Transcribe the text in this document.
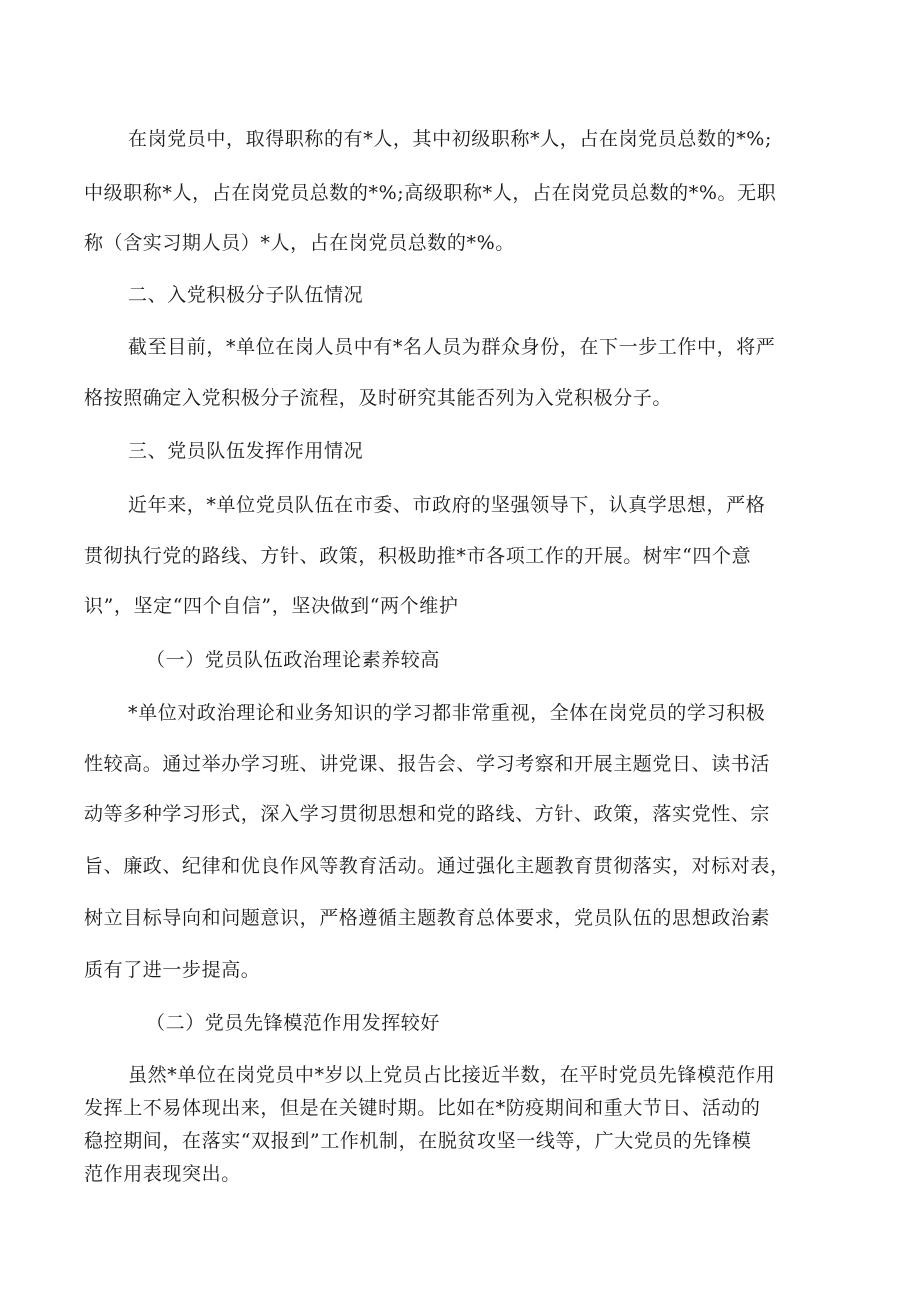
在岗党员中，取得职称的有*人，其中初级职称*人，占在岗党员总数的*%;
中级职称*人，占在岗党员总数的*%;高级职称*人，占在岗党员总数的*%。无职
称（含实习期人员）*人，占在岗党员总数的*%。
二、入党积极分子队伍情况
截至目前，*单位在岗人员中有*名人员为群众身份，在下一步工作中，将严
格按照确定入党积极分子流程，及时研究其能否列为入党积极分子。
三、党员队伍发挥作用情况
近年来，*单位党员队伍在市委、市政府的坚强领导下，认真学思想，严格
贯彻执行党的路线、方针、政策，积极助推*市各项工作的开展。树牢“四个意
识”，坚定“四个自信”，坚决做到“两个维护
（一）党员队伍政治理论素养较高
*单位对政治理论和业务知识的学习都非常重视，全体在岗党员的学习积极
性较高。通过举办学习班、讲党课、报告会、学习考察和开展主题党日、读书活
动等多种学习形式，深入学习贯彻思想和党的路线、方针、政策，落实党性、宗
旨、廉政、纪律和优良作风等教育活动。通过强化主题教育贯彻落实，对标对表，
树立目标导向和问题意识，严格遵循主题教育总体要求，党员队伍的思想政治素
质有了进一步提高。
（二）党员先锋模范作用发挥较好
虽然*单位在岗党员中*岁以上党员占比接近半数，在平时党员先锋模范作用
发挥上不易体现出来，但是在关键时期。比如在*防疫期间和重大节日、活动的
稳控期间，在落实“双报到”工作机制，在脱贫攻坚一线等，广大党员的先锋模
范作用表现突出。
